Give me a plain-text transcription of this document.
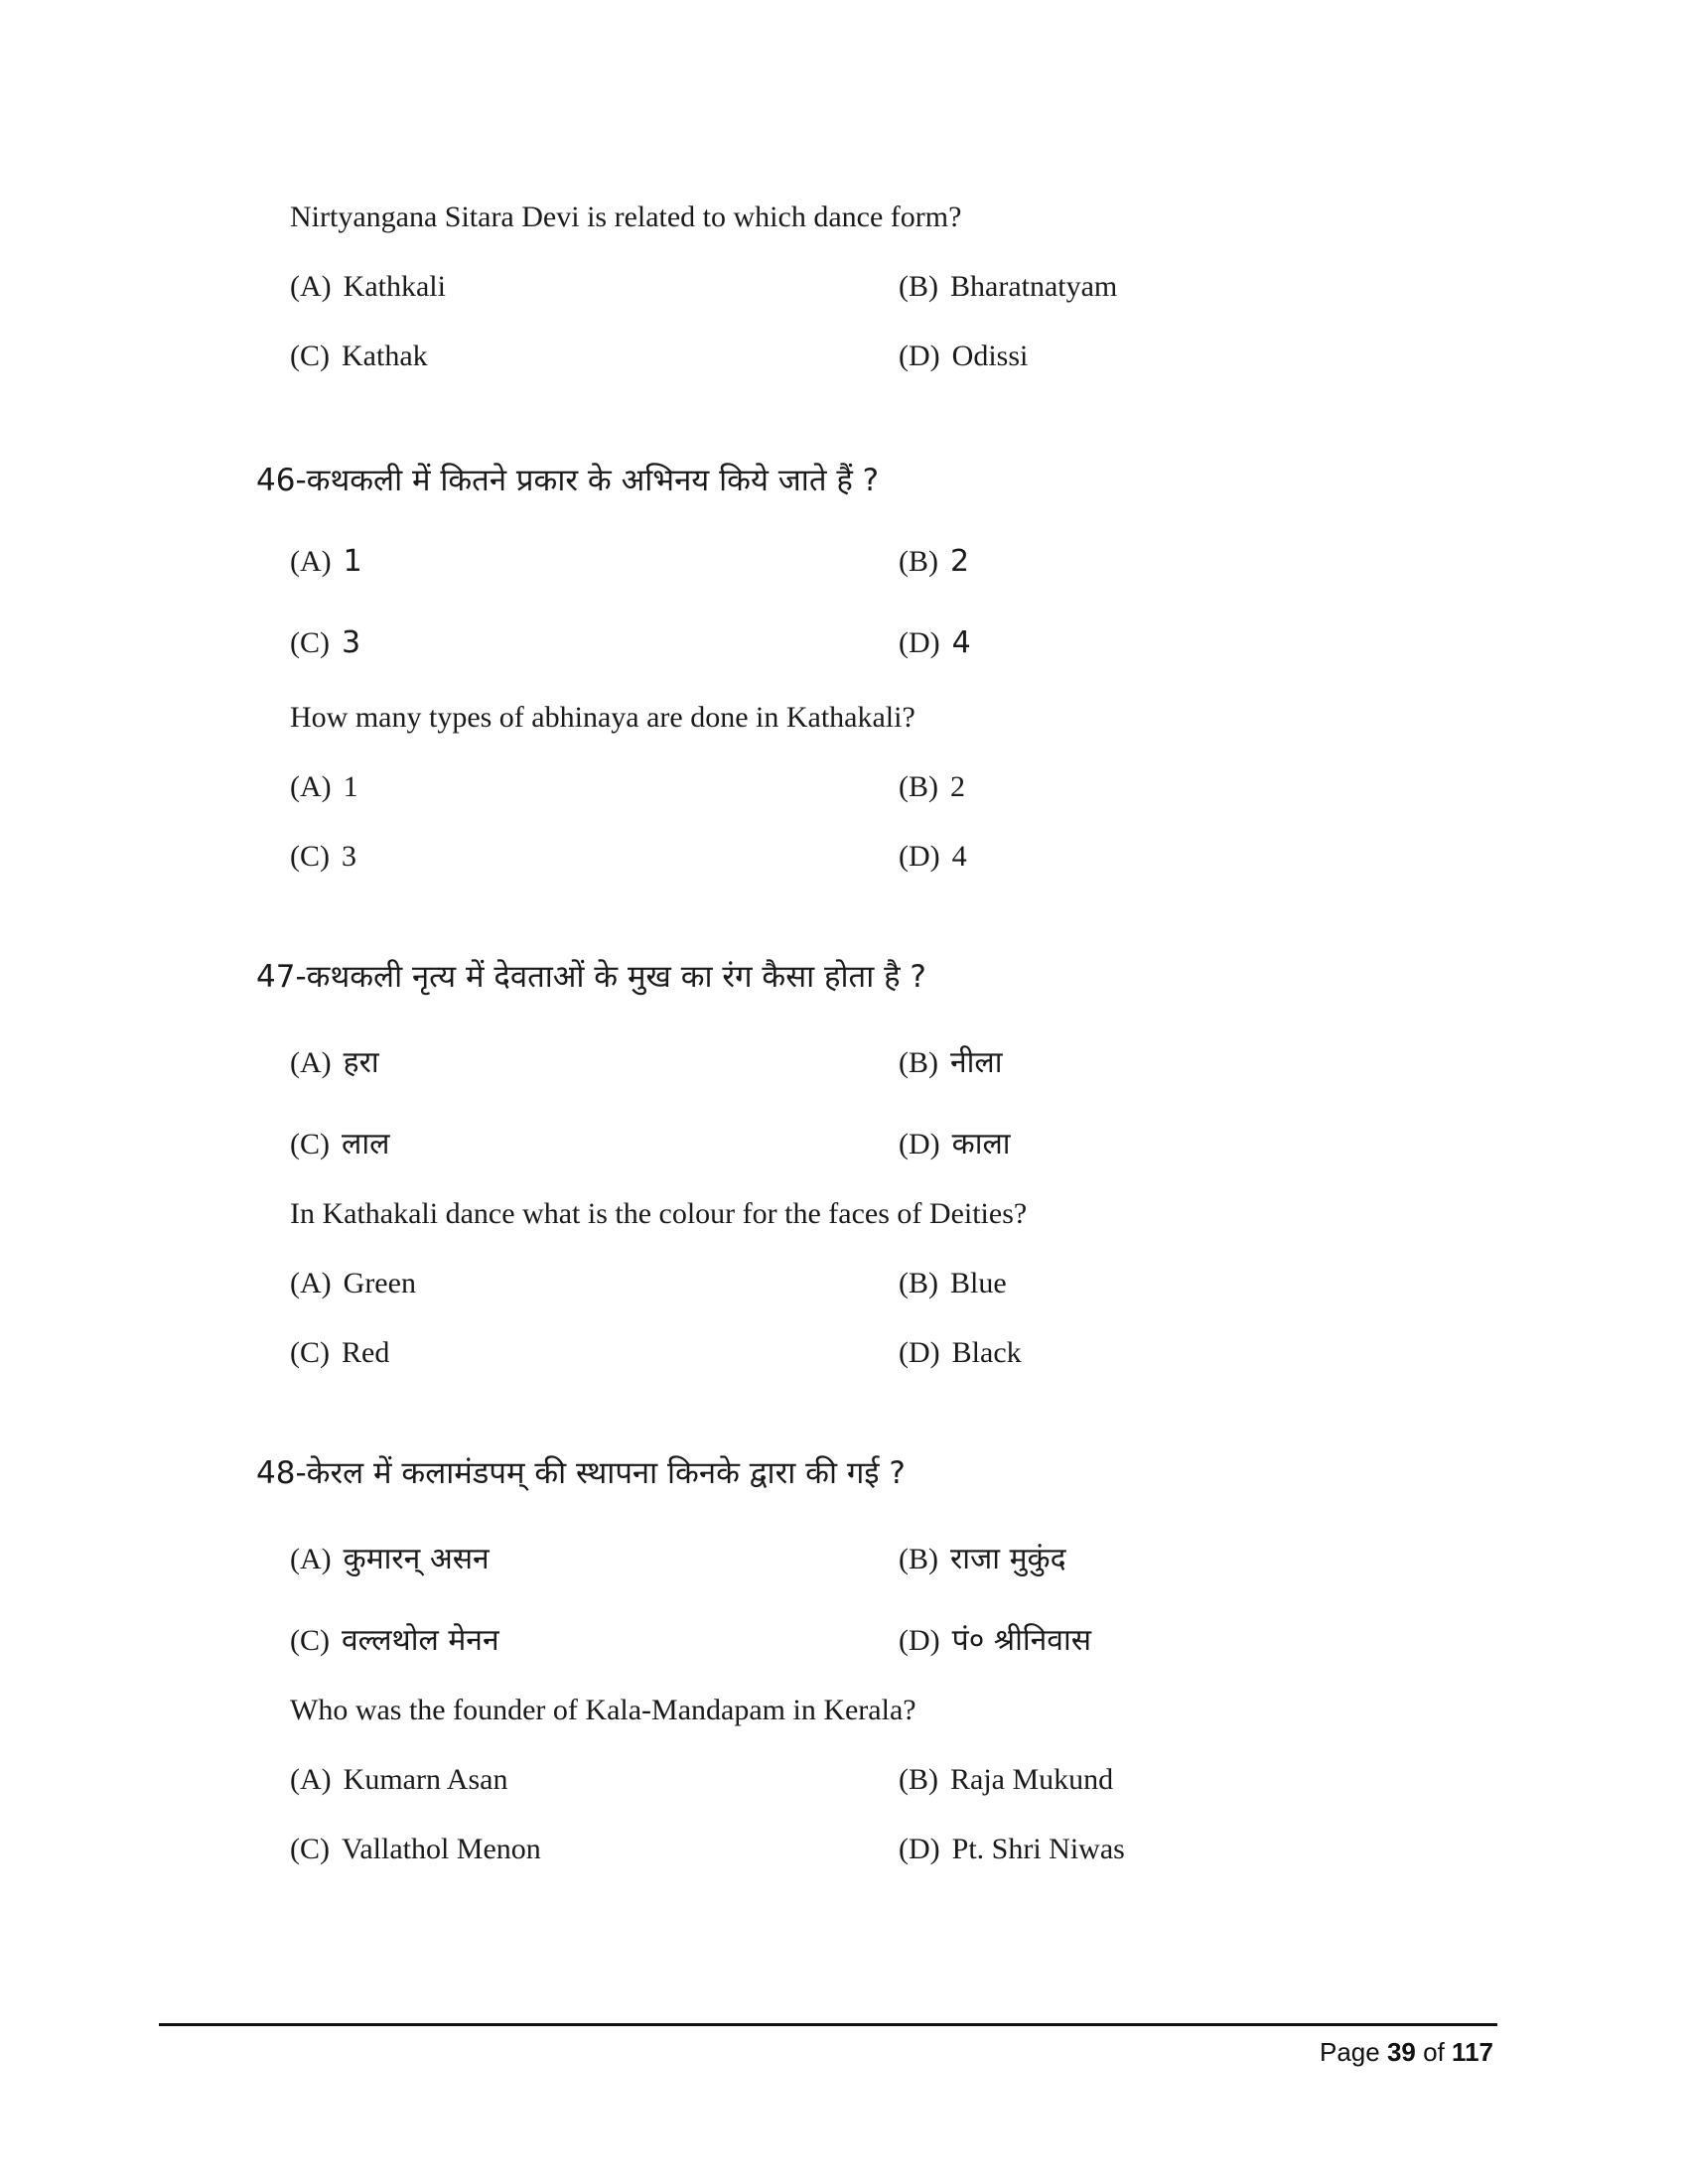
Nirtyangana Sitara Devi is related to which dance form?
(A) Kathkali	(B) Bharatnatyam
(C) Kathak	(D) Odissi
46-कथकली में कितने प्रकार के अभिनय किये जाते हैं ?
(A) 1	(B) 2
(C) 3	(D) 4
How many types of abhinaya are done in Kathakali?
(A) 1	(B) 2
(C) 3	(D) 4
47-कथकली नृत्य में देवताओं के मुख का रंग कैसा होता है ?
(A) हरा	(B) नीला
(C) लाल	(D) काला
In Kathakali dance what is the colour for the faces of Deities?
(A) Green	(B) Blue
(C) Red	(D) Black
48-केरल में कलामंडपम् की स्थापना किनके द्वारा की गई ?
(A) कुमारन् असन	(B) राजा मुकुंद
(C) वल्लथोल मेनन	(D) पं० श्रीनिवास
Who was the founder of Kala-Mandapam in Kerala?
(A) Kumarn Asan	(B) Raja Mukund
(C) Vallathol Menon	(D) Pt. Shri Niwas
Page 39 of 117
